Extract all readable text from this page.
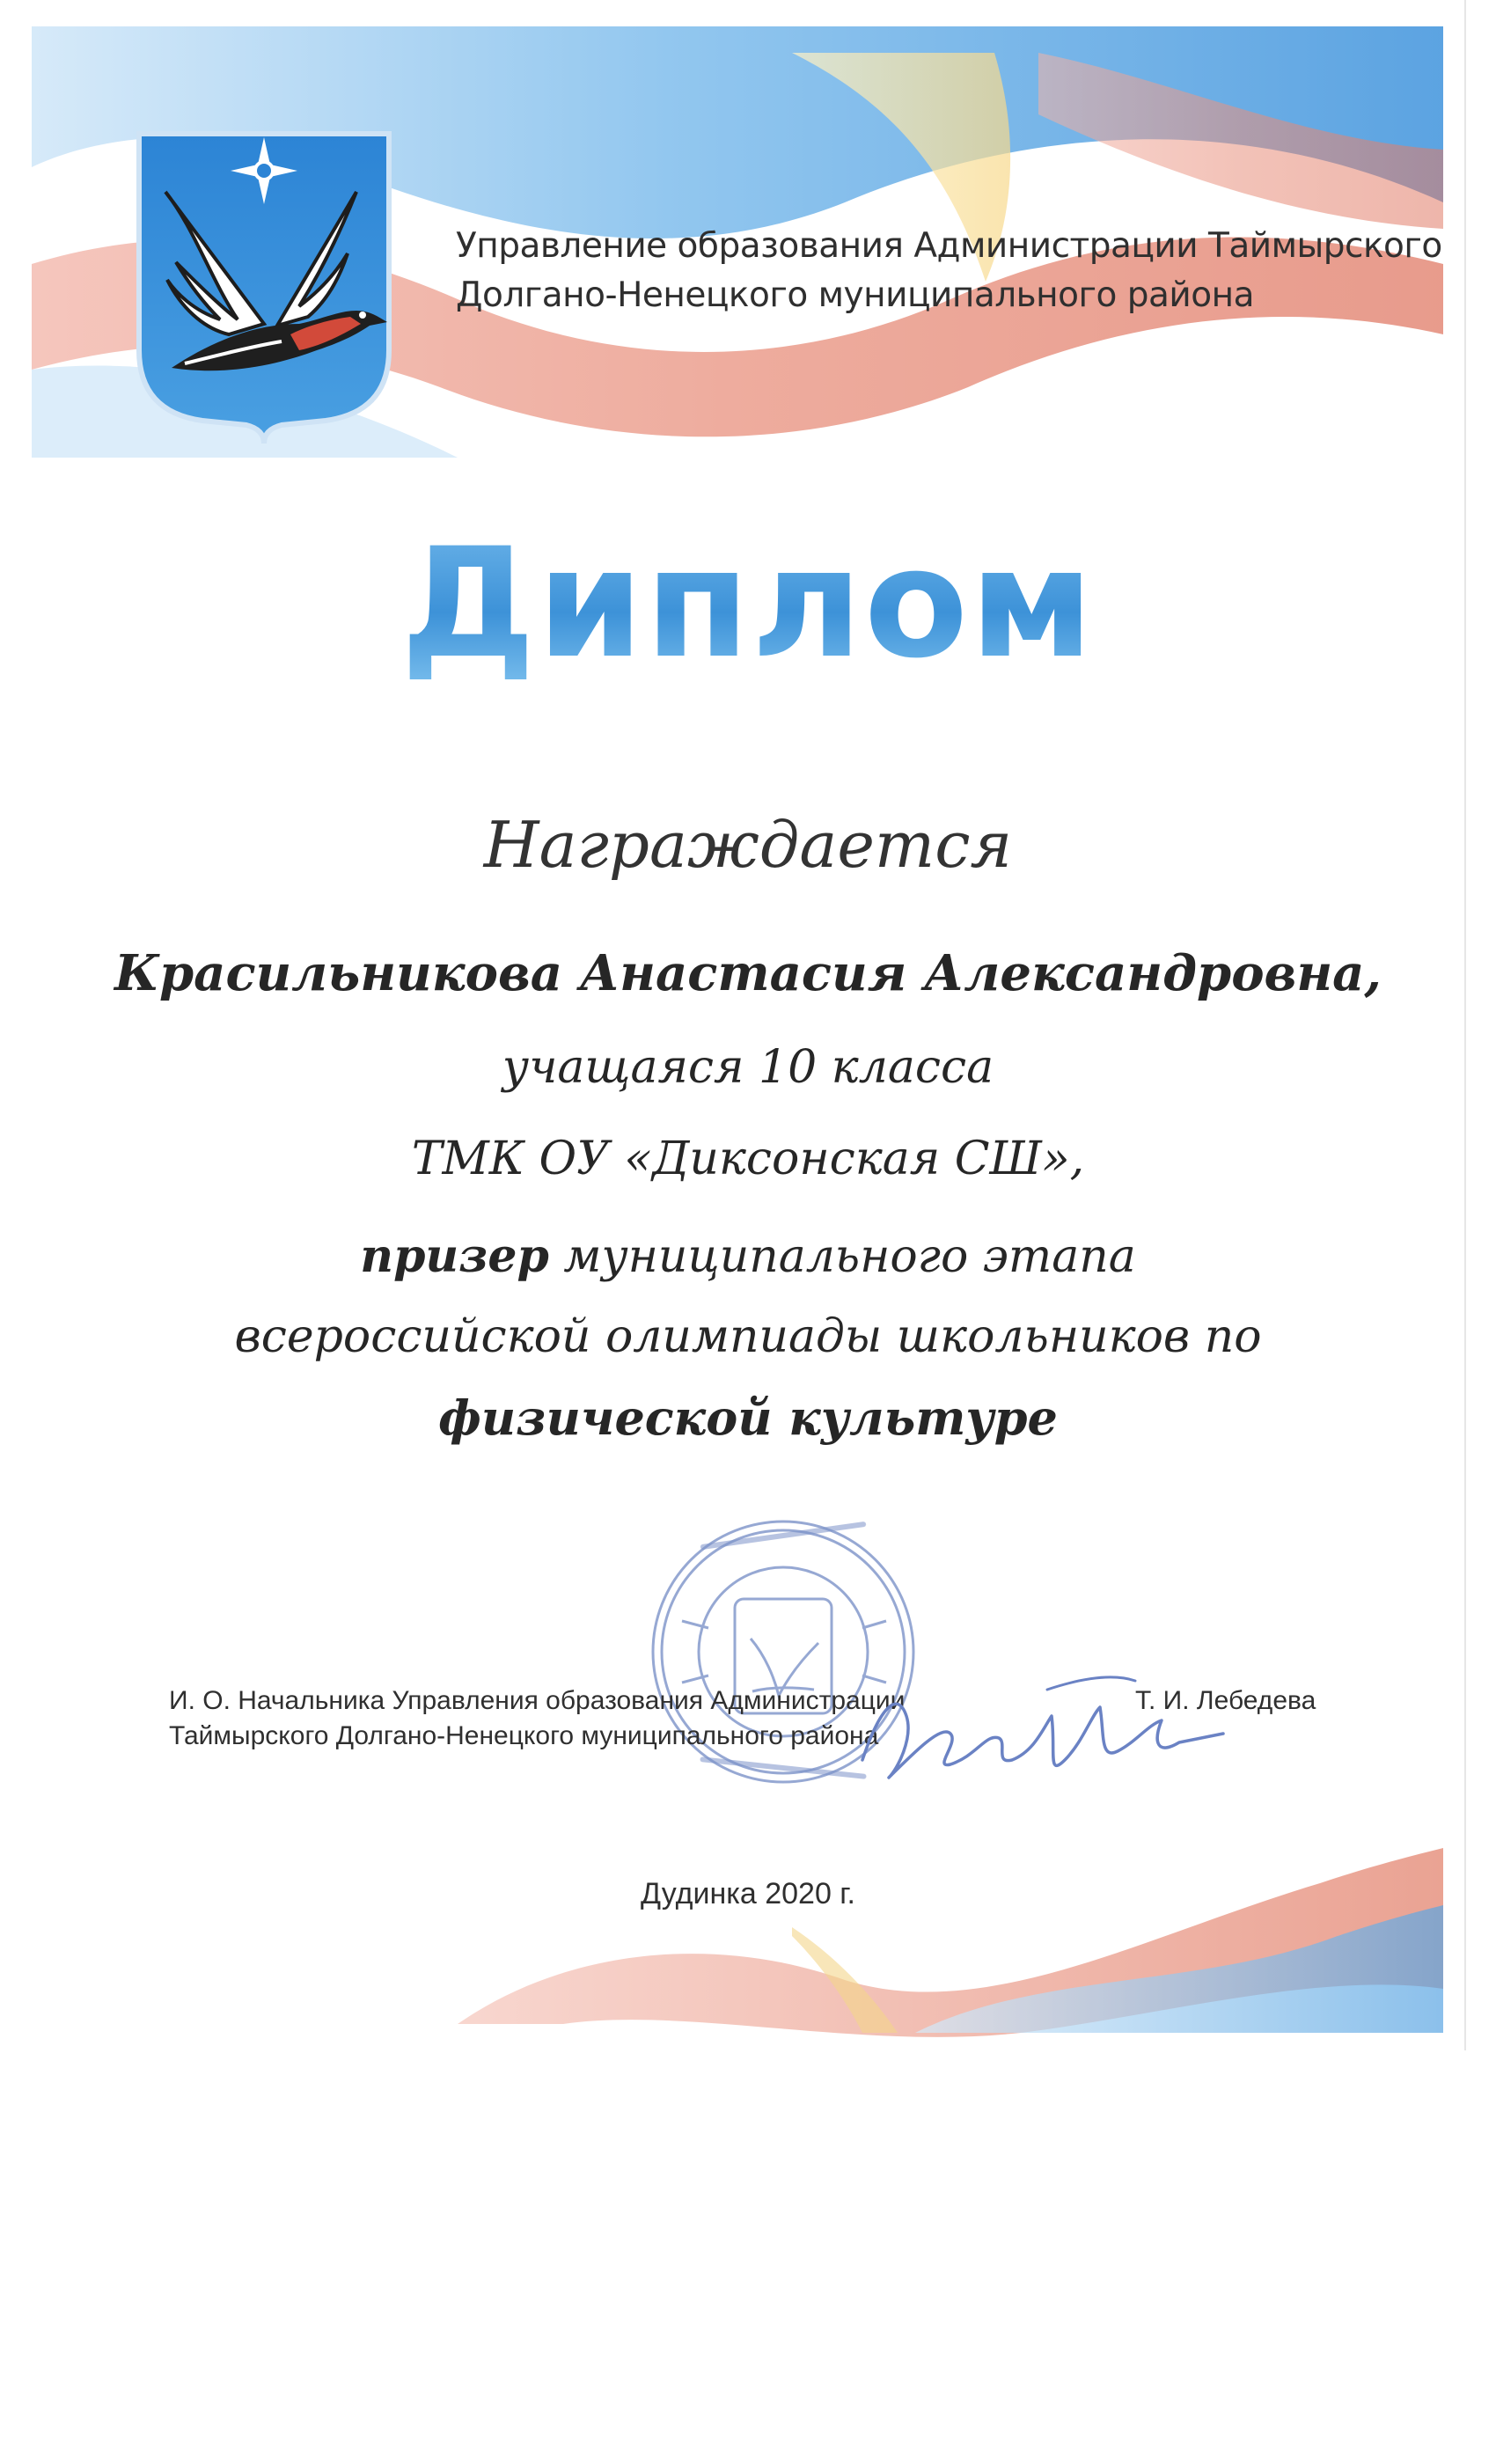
Управление образования Администрации Таймырского
Долгано-Ненецкого муниципального района
Диплом
Награждается
Красильникова Анастасия Александровна,
учащаяся 10 класса
ТМК ОУ «Диксонская СШ»,
призер муниципального этапа
всероссийской олимпиады школьников по
физической культуре
И. О. Начальника Управления образования Администрации
Таймырского Долгано-Ненецкого муниципального района
Т. И. Лебедева
Дудинка 2020 г.
